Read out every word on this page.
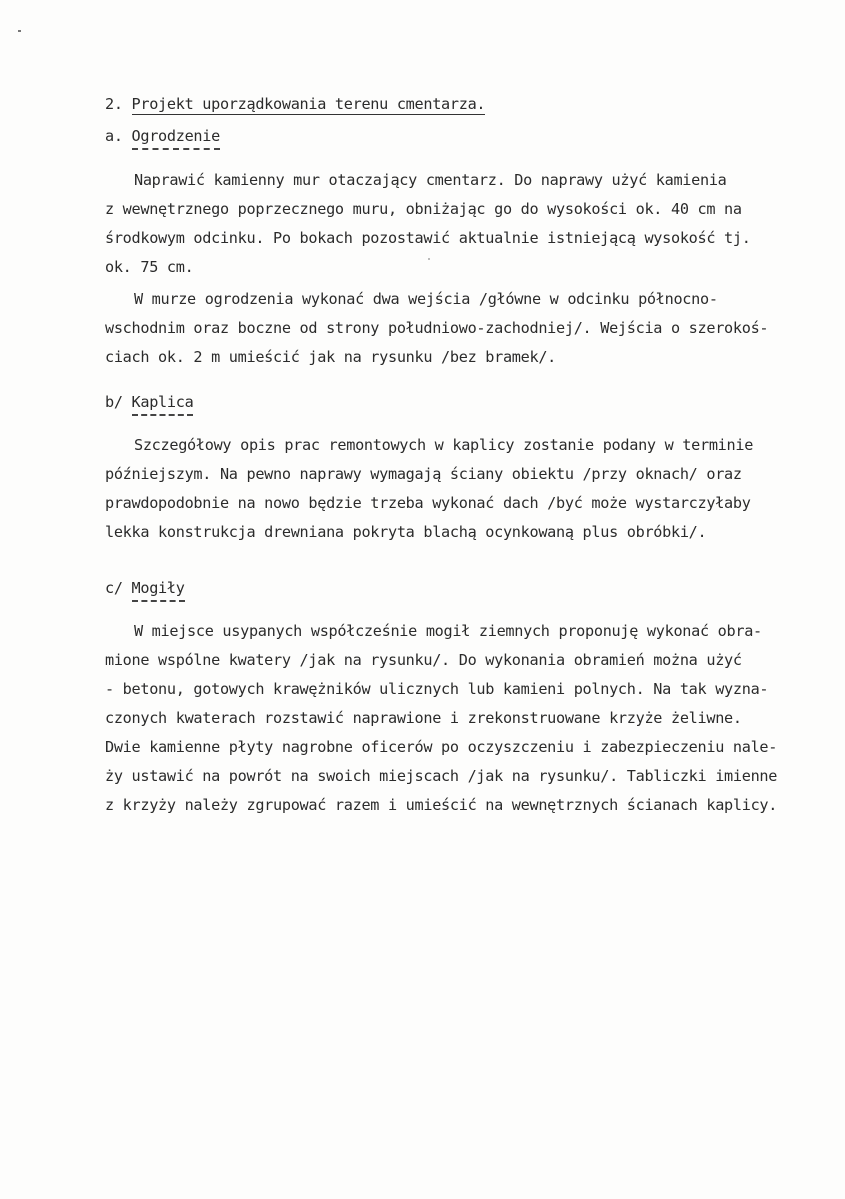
2. Projekt uporządkowania terenu cmentarza.
a. Ogrodzenie
Naprawić kamienny mur otaczający cmentarz. Do naprawy użyć kamienia
z wewnętrznego poprzecznego muru, obniżając go do wysokości ok. 40 cm na
środkowym odcinku. Po bokach pozostawić aktualnie istniejącą wysokość tj.
ok. 75 cm.
W murze ogrodzenia wykonać dwa wejścia /główne w odcinku północno-
wschodnim oraz boczne od strony południowo-zachodniej/. Wejścia o szerokoś-
ciach ok. 2 m umieścić jak na rysunku /bez bramek/.
b/ Kaplica
Szczegółowy opis prac remontowych w kaplicy zostanie podany w terminie
późniejszym. Na pewno naprawy wymagają ściany obiektu /przy oknach/ oraz
prawdopodobnie na nowo będzie trzeba wykonać dach /być może wystarczyłaby
lekka konstrukcja drewniana pokryta blachą ocynkowaną plus obróbki/.
c/ Mogiły
W miejsce usypanych współcześnie mogił ziemnych proponuję wykonać obra-
mione wspólne kwatery /jak na rysunku/. Do wykonania obramień można użyć
- betonu, gotowych krawężników ulicznych lub kamieni polnych. Na tak wyzna-
czonych kwaterach rozstawić naprawione i zrekonstruowane krzyże żeliwne.
Dwie kamienne płyty nagrobne oficerów po oczyszczeniu i zabezpieczeniu nale-
ży ustawić na powrót na swoich miejscach /jak na rysunku/. Tabliczki imienne
z krzyży należy zgrupować razem i umieścić na wewnętrznych ścianach kaplicy.
